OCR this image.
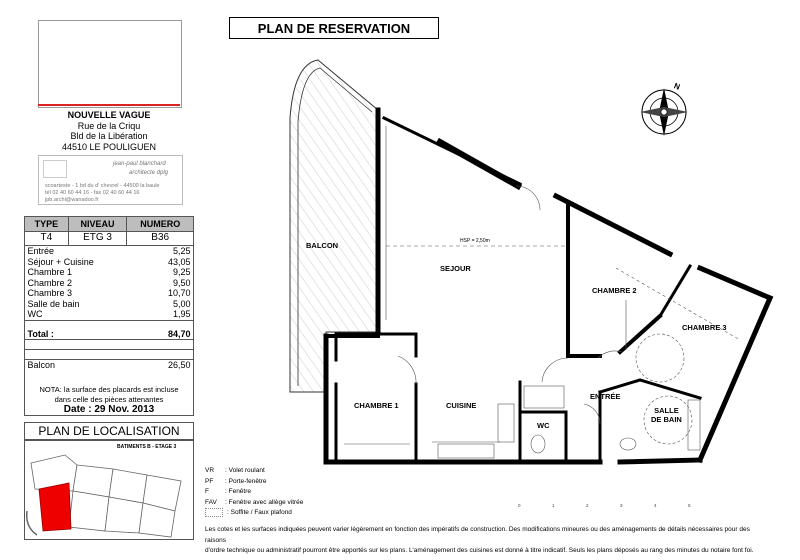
NOUVELLE VAGUE
Rue de la Criqu
Bld de la Libération
44510 LE POULIGUEN
jean-paul blanchard
architecte dplg
scoarteste - 1 bd du d' chevrel - 44500 la baule
tél 02 40 60 44 16 - fax 02 40 60 44 16
jpb.archi@wanadoo.fr
TYPE	NIVEAU	NUMERO
T4	ETG 3	B36
Entrée		5,25
Séjour + Cuisine		43,05
Chambre 1		9,25
Chambre 2		9,50
Chambre 3		10,70
Salle de bain		5,00
WC		1,95

Total :		84,70

Balcon		26,50
NOTA: la surface des placards est incluse
dans celle des pièces attenantes
Date : 29 Nov. 2013
PLAN DE LOCALISATION
BATIMENTS B - ETAGE 3
PLAN DE RESERVATION
0	1	2	3	4	5
N
BALCON
SEJOUR
HSP = 2,50m
CHAMBRE 1	CUISINE
ENTRÉE
WC
CHAMBRE 2
CHAMBRE 3
SALLE
DE BAIN
VR : Volet roulant
PF : Porte-fenêtre
F : Fenêtre
FAV : Fenêtre avec allège vitrée
: Soffite / Faux plafond
Les cotes et les surfaces indiquées peuvent varier légèrement en fonction des impératifs de construction. Des modifications mineures ou des aménagements de détails nécessaires pour des raisons
d'ordre technique ou administratif pourront être apportés sur les plans. L'aménagement des cuisines est donné à titre indicatif. Seuls les plans déposés au rang des minutes du notaire font foi.
